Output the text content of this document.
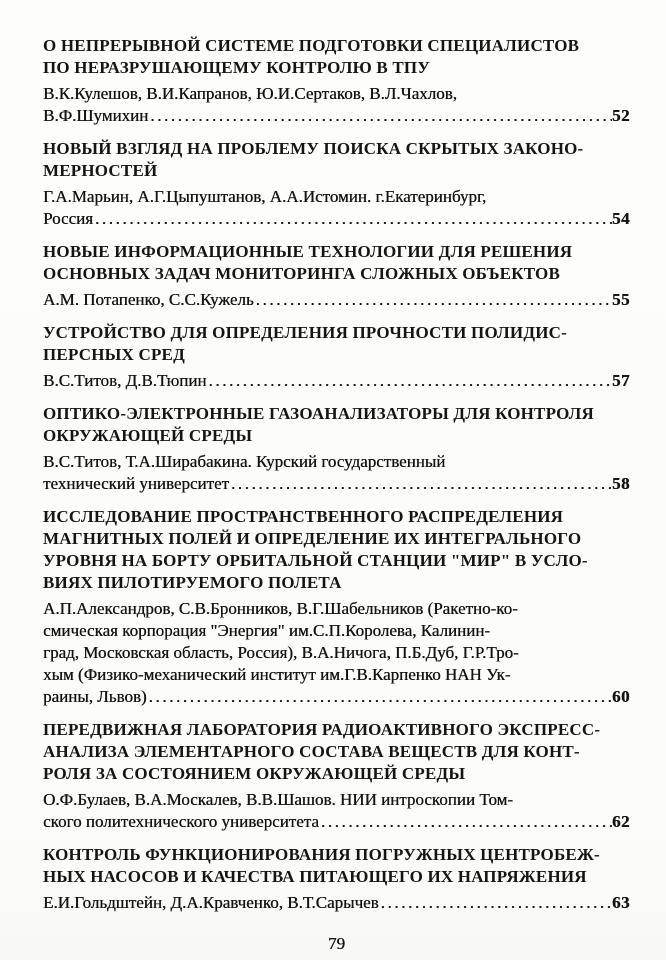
О НЕПРЕРЫВНОЙ СИСТЕМЕ ПОДГОТОВКИ СПЕЦИАЛИСТОВ
ПО НЕРАЗРУШАЮЩЕМУ КОНТРОЛЮ В ТПУ
В.К.Кулешов, В.И.Капранов, Ю.И.Сертаков, В.Л.Чахлов,
В.Ф.Шумихин .....	52
НОВЫЙ ВЗГЛЯД НА ПРОБЛЕМУ ПОИСКА СКРЫТЫХ ЗАКОНО-
МЕРНОСТЕЙ
Г.А.Марьин, А.Г.Цыпуштанов, А.А.Истомин. г.Екатеринбург,
Россия .....	54
НОВЫЕ ИНФОРМАЦИОННЫЕ ТЕХНОЛОГИИ ДЛЯ РЕШЕНИЯ
ОСНОВНЫХ ЗАДАЧ МОНИТОРИНГА СЛОЖНЫХ ОБЪЕКТОВ
А.М. Потапенко, С.С.Кужель .....	55
УСТРОЙСТВО ДЛЯ ОПРЕДЕЛЕНИЯ ПРОЧНОСТИ ПОЛИДИС-
ПЕРСНЫХ СРЕД
В.С.Титов, Д.В.Тюпин .....	57
ОПТИКО-ЭЛЕКТРОННЫЕ ГАЗОАНАЛИЗАТОРЫ ДЛЯ КОНТРОЛЯ
ОКРУЖАЮЩЕЙ СРЕДЫ
В.С.Титов, Т.А.Ширабакина. Курский государственный
технический университет .....	58
ИССЛЕДОВАНИЕ ПРОСТРАНСТВЕННОГО РАСПРЕДЕЛЕНИЯ
МАГНИТНЫХ ПОЛЕЙ И ОПРЕДЕЛЕНИЕ ИХ ИНТЕГРАЛЬНОГО
УРОВНЯ НА БОРТУ ОРБИТАЛЬНОЙ СТАНЦИИ "МИР" В УСЛО-
ВИЯХ ПИЛОТИРУЕМОГО ПОЛЕТА
А.П.Александров, С.В.Бронников, В.Г.Шабельников (Ракетно-ко-
смическая корпорация "Энергия" им.С.П.Королева, Калинин-
град, Московская область, Россия), В.А.Ничога, П.Б.Дуб, Г.Р.Тро-
хым (Физико-механический институт им.Г.В.Карпенко НАН Ук-
раины, Львов) .....	60
ПЕРЕДВИЖНАЯ ЛАБОРАТОРИЯ РАДИОАКТИВНОГО ЭКСПРЕСС-
АНАЛИЗА ЭЛЕМЕНТАРНОГО СОСТАВА ВЕЩЕСТВ ДЛЯ КОНТ-
РОЛЯ ЗА СОСТОЯНИЕМ ОКРУЖАЮЩЕЙ СРЕДЫ
О.Ф.Булаев, В.А.Москалев, В.В.Шашов. НИИ интроскопии Том-
ского политехнического университета .....	62
КОНТРОЛЬ ФУНКЦИОНИРОВАНИЯ ПОГРУЖНЫХ ЦЕНТРОБЕЖ-
НЫХ НАСОСОВ И КАЧЕСТВА ПИТАЮЩЕГО ИХ НАПРЯЖЕНИЯ
Е.И.Гольдштейн, Д.А.Кравченко, В.Т.Сарычев .....	63
79
